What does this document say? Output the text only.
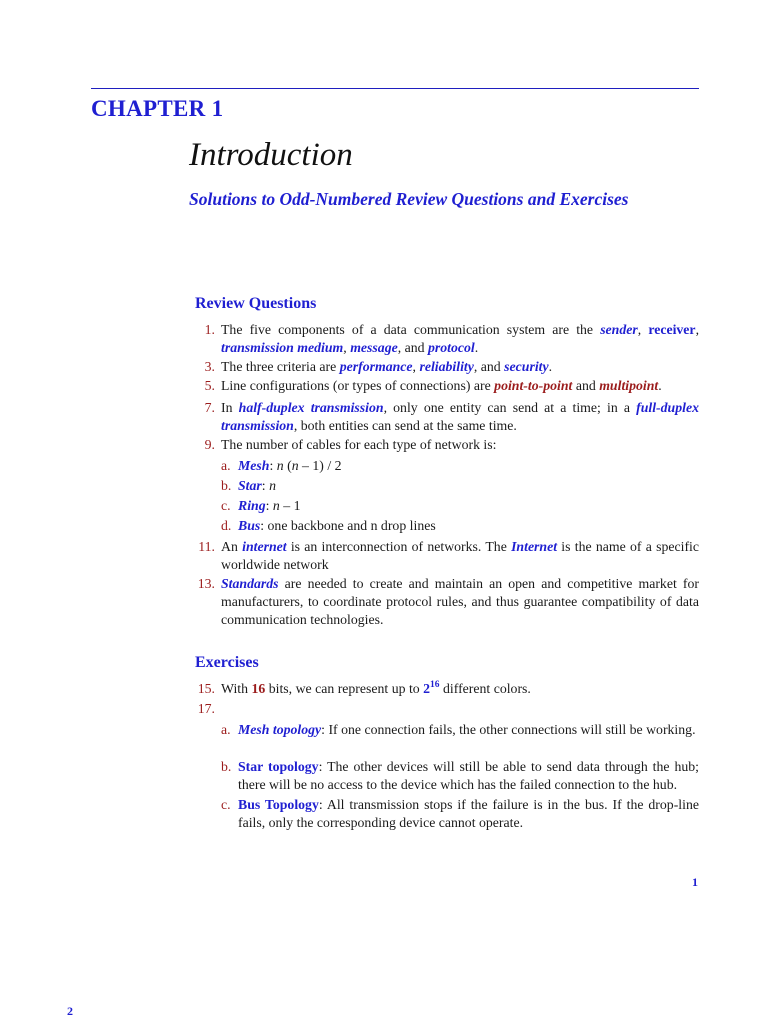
CHAPTER 1
Introduction
Solutions to Odd-Numbered Review Questions and Exercises
Review Questions
1. The five components of a data communication system are the sender, receiver, transmission medium, message, and protocol.
3. The three criteria are performance, reliability, and security.
5. Line configurations (or types of connections) are point-to-point and multipoint.
7. In half-duplex transmission, only one entity can send at a time; in a full-duplex transmission, both entities can send at the same time.
9. The number of cables for each type of network is:
a. Mesh: n (n – 1) / 2
b. Star: n
c. Ring: n – 1
d. Bus: one backbone and n drop lines
11. An internet is an interconnection of networks. The Internet is the name of a specific worldwide network
13. Standards are needed to create and maintain an open and competitive market for manufacturers, to coordinate protocol rules, and thus guarantee compatibility of data communication technologies.
Exercises
15. With 16 bits, we can represent up to $2^{16}$ different colors.
17.
a. Mesh topology: If one connection fails, the other connections will still be working.
b. Star topology: The other devices will still be able to send data through the hub; there will be no access to the device which has the failed connection to the hub.
c. Bus Topology: All transmission stops if the failure is in the bus. If the drop-line fails, only the corresponding device cannot operate.
1
2
